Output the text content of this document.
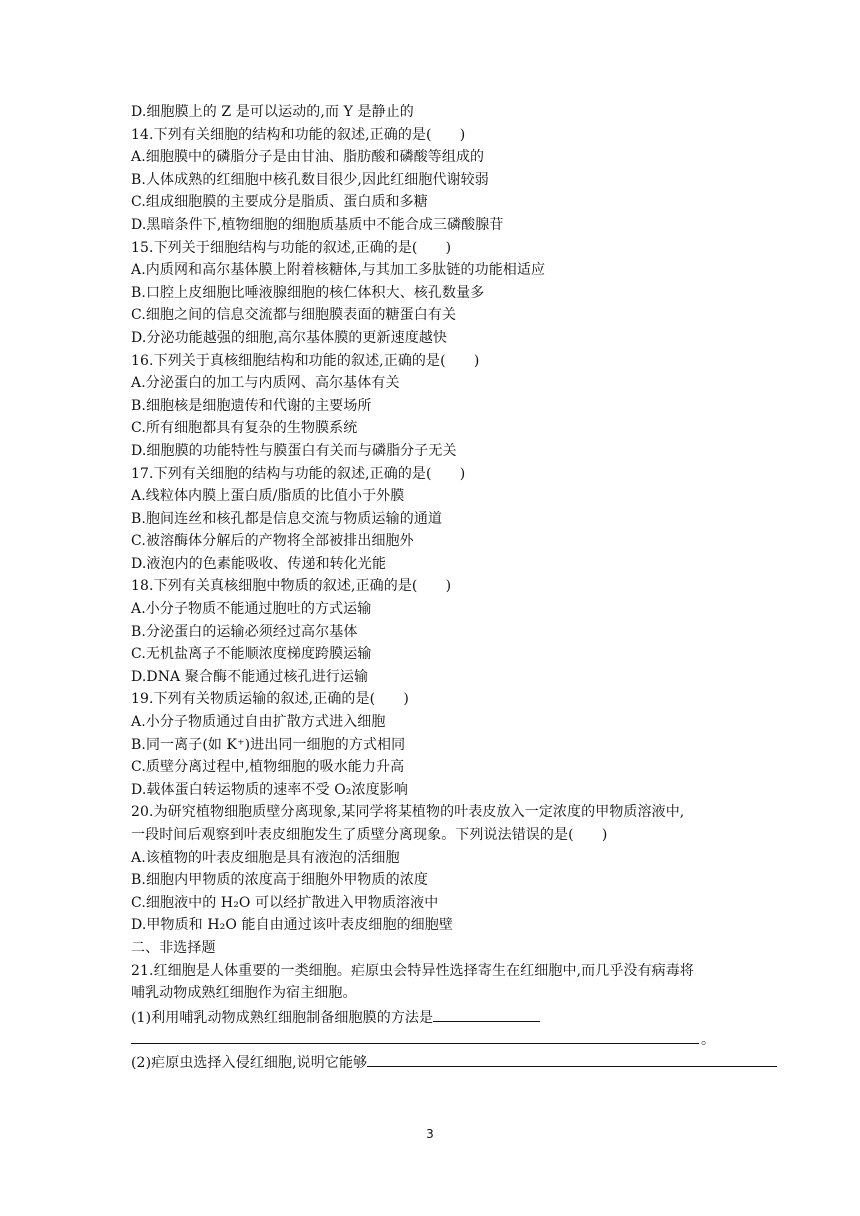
D.细胞膜上的 Z 是可以运动的,而 Y 是静止的
14.下列有关细胞的结构和功能的叙述,正确的是(　　)
A.细胞膜中的磷脂分子是由甘油、脂肪酸和磷酸等组成的
B.人体成熟的红细胞中核孔数目很少,因此红细胞代谢较弱
C.组成细胞膜的主要成分是脂质、蛋白质和多糖
D.黑暗条件下,植物细胞的细胞质基质中不能合成三磷酸腺苷
15.下列关于细胞结构与功能的叙述,正确的是(　　)
A.内质网和高尔基体膜上附着核糖体,与其加工多肽链的功能相适应
B.口腔上皮细胞比唾液腺细胞的核仁体积大、核孔数量多
C.细胞之间的信息交流都与细胞膜表面的糖蛋白有关
D.分泌功能越强的细胞,高尔基体膜的更新速度越快
16.下列关于真核细胞结构和功能的叙述,正确的是(　　)
A.分泌蛋白的加工与内质网、高尔基体有关
B.细胞核是细胞遗传和代谢的主要场所
C.所有细胞都具有复杂的生物膜系统
D.细胞膜的功能特性与膜蛋白有关而与磷脂分子无关
17.下列有关细胞的结构与功能的叙述,正确的是(　　)
A.线粒体内膜上蛋白质/脂质的比值小于外膜
B.胞间连丝和核孔都是信息交流与物质运输的通道
C.被溶酶体分解后的产物将全部被排出细胞外
D.液泡内的色素能吸收、传递和转化光能
18.下列有关真核细胞中物质的叙述,正确的是(　　)
A.小分子物质不能通过胞吐的方式运输
B.分泌蛋白的运输必须经过高尔基体
C.无机盐离子不能顺浓度梯度跨膜运输
D.DNA 聚合酶不能通过核孔进行运输
19.下列有关物质运输的叙述,正确的是(　　)
A.小分子物质通过自由扩散方式进入细胞
B.同一离子(如 K⁺)进出同一细胞的方式相同
C.质壁分离过程中,植物细胞的吸水能力升高
D.载体蛋白转运物质的速率不受 O₂浓度影响
20.为研究植物细胞质壁分离现象,某同学将某植物的叶表皮放入一定浓度的甲物质溶液中,
一段时间后观察到叶表皮细胞发生了质壁分离现象。下列说法错误的是(　　)
A.该植物的叶表皮细胞是具有液泡的活细胞
B.细胞内甲物质的浓度高于细胞外甲物质的浓度
C.细胞液中的 H₂O 可以经扩散进入甲物质溶液中
D.甲物质和 H₂O 能自由通过该叶表皮细胞的细胞壁
二、非选择题
21.红细胞是人体重要的一类细胞。疟原虫会特异性选择寄生在红细胞中,而几乎没有病毒将
哺乳动物成熟红细胞作为宿主细胞。
(1)利用哺乳动物成熟红细胞制备细胞膜的方法是
。
(2)疟原虫选择入侵红细胞,说明它能够
3
